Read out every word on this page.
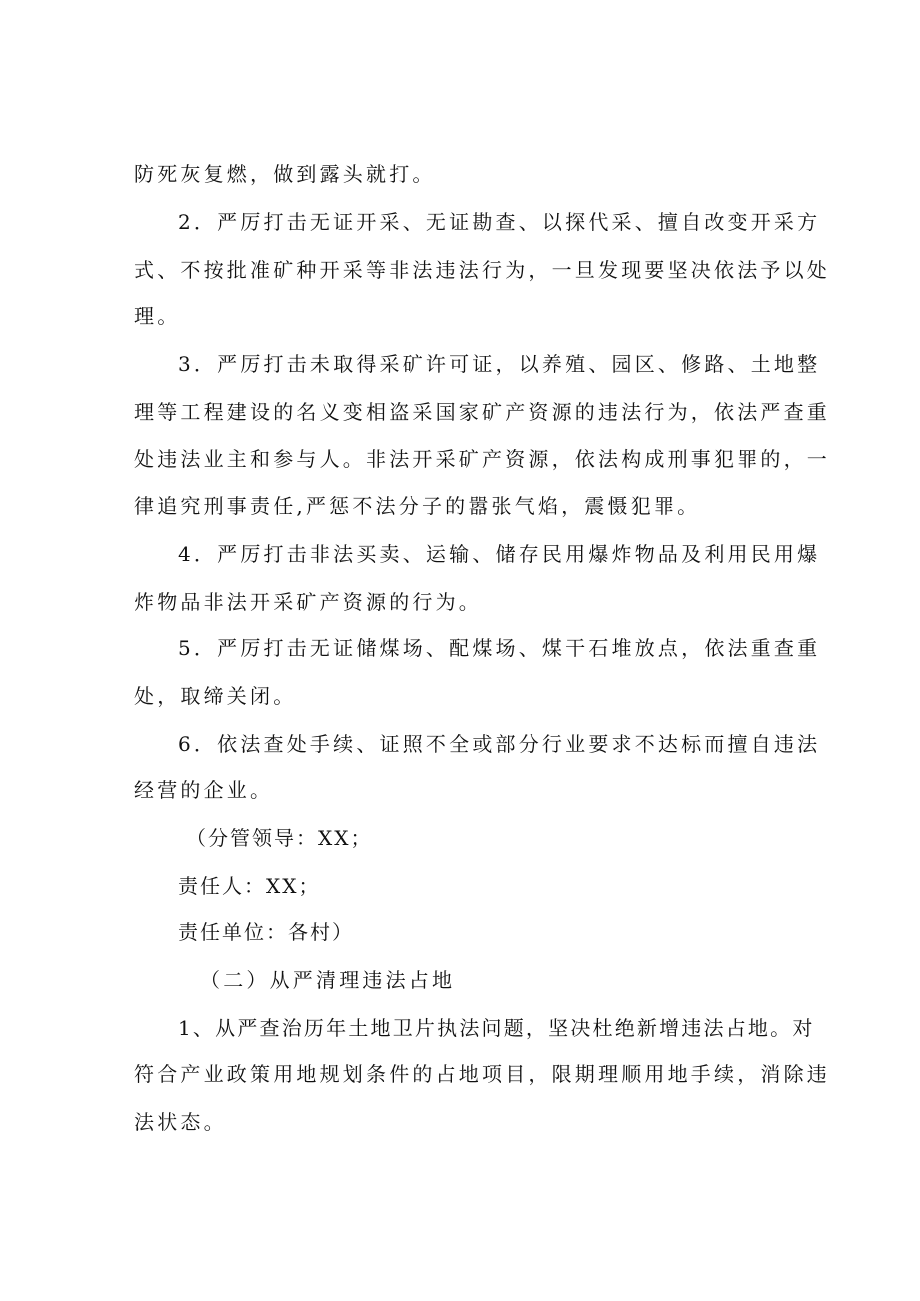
防死灰复燃，做到露头就打。
2．严厉打击无证开采、无证勘查、以探代采、擅自改变开采方
式、不按批准矿种开采等非法违法行为，一旦发现要坚决依法予以处
理。
3．严厉打击未取得采矿许可证，以养殖、园区、修路、土地整
理等工程建设的名义变相盗采国家矿产资源的违法行为，依法严查重
处违法业主和参与人。非法开采矿产资源，依法构成刑事犯罪的，一
律追究刑事责任,严惩不法分子的嚣张气焰，震慑犯罪。
4．严厉打击非法买卖、运输、储存民用爆炸物品及利用民用爆
炸物品非法开采矿产资源的行为。
5．严厉打击无证储煤场、配煤场、煤干石堆放点，依法重查重
处，取缔关闭。
6．依法查处手续、证照不全或部分行业要求不达标而擅自违法
经营的企业。
（分管领导：XX；
责任人：XX；
责任单位：各村）
（二）从严清理违法占地
1、从严查治历年土地卫片执法问题，坚决杜绝新增违法占地。对
符合产业政策用地规划条件的占地项目，限期理顺用地手续，消除违
法状态。
